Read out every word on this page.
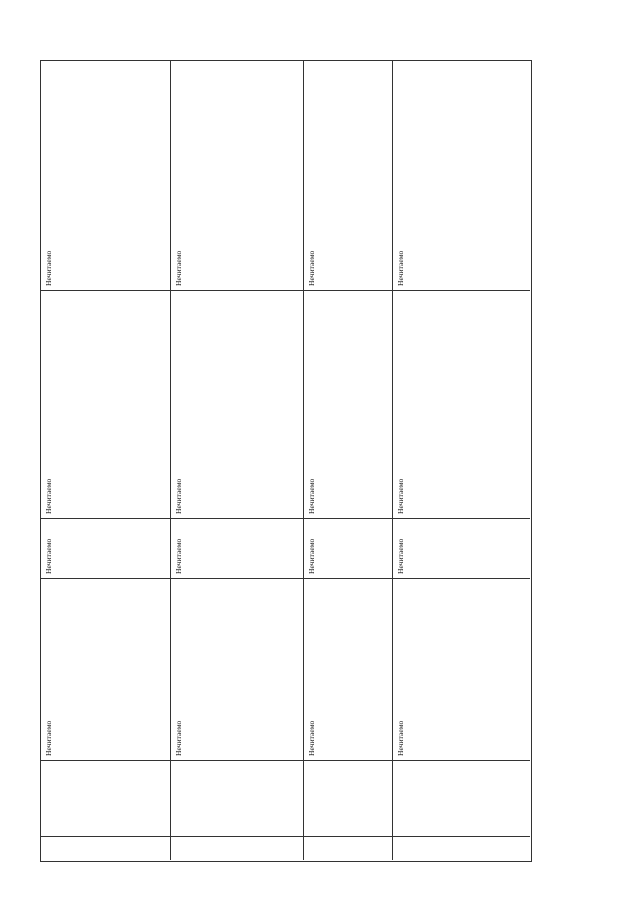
Нечитаемо
Нечитаемо
Нечитаемо
Нечитаемо
Нечитаемо
Нечитаемо
Нечитаемо
Нечитаемо
Нечитаемо
Нечитаемо
Нечитаемо
Нечитаемо
Нечитаемо
Нечитаемо
Нечитаемо
Нечитаемо
